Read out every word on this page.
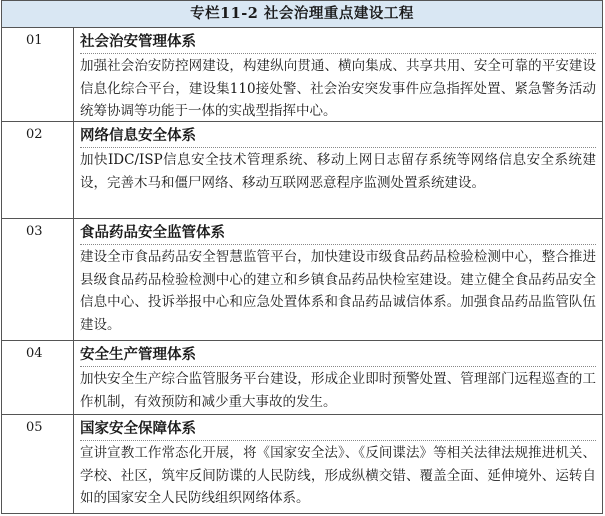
专栏11-2 社会治理重点建设工程
01	社会治安管理体系
加强社会治安防控网建设，构建纵向贯通、横向集成、共享共用、安全可靠的平安建设信息化综合平台，建设集110接处警、社会治安突发事件应急指挥处置、紧急警务活动统筹协调等功能于一体的实战型指挥中心。
02	网络信息安全体系
加快IDC/ISP信息安全技术管理系统、移动上网日志留存系统等网络信息安全系统建设，完善木马和僵尸网络、移动互联网恶意程序监测处置系统建设。
03	食品药品安全监管体系
建设全市食品药品安全智慧监管平台，加快建设市级食品药品检验检测中心，整合推进县级食品药品检验检测中心的建立和乡镇食品药品快检室建设。建立健全食品药品安全信息中心、投诉举报中心和应急处置体系和食品药品诚信体系。加强食品药品监管队伍建设。
04	安全生产管理体系
加快安全生产综合监管服务平台建设，形成企业即时预警处置、管理部门远程巡查的工作机制，有效预防和减少重大事故的发生。
05	国家安全保障体系
宣讲宣教工作常态化开展，将《国家安全法》、《反间谍法》等相关法律法规推进机关、学校、社区，筑牢反间防谍的人民防线，形成纵横交错、覆盖全面、延伸境外、运转自如的国家安全人民防线组织网络体系。
